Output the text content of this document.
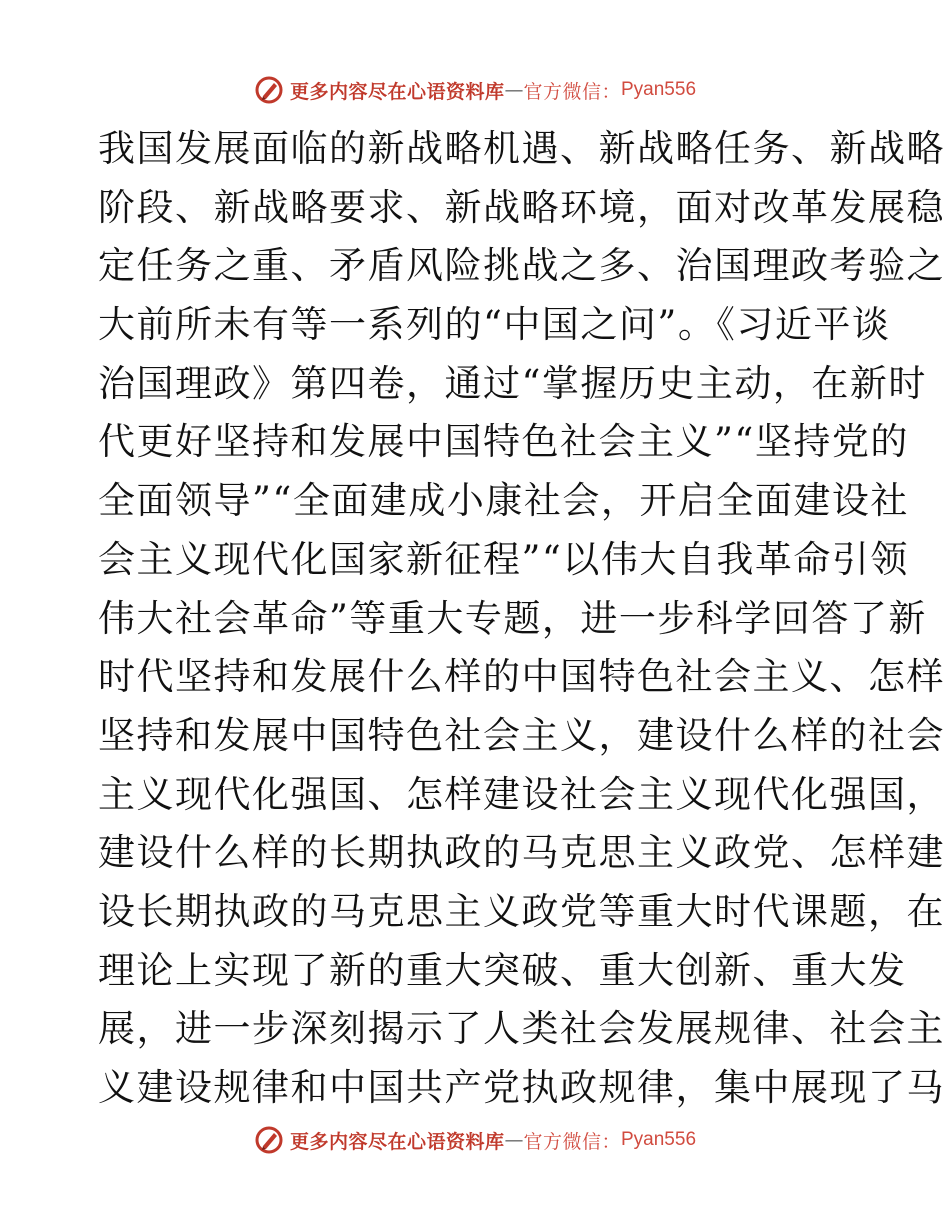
更多内容尽在心语资料库 — 官方微信： Pyan556
我国发展面临的新战略机遇、新战略任务、新战略
阶段、新战略要求、新战略环境，面对改革发展稳
定任务之重、矛盾风险挑战之多、治国理政考验之
大前所未有等一系列的“中国之问”。《习近平谈
治国理政》第四卷，通过“掌握历史主动，在新时
代更好坚持和发展中国特色社会主义”“坚持党的
全面领导”“全面建成小康社会，开启全面建设社
会主义现代化国家新征程”“以伟大自我革命引领
伟大社会革命”等重大专题，进一步科学回答了新
时代坚持和发展什么样的中国特色社会主义、怎样
坚持和发展中国特色社会主义，建设什么样的社会
主义现代化强国、怎样建设社会主义现代化强国，
建设什么样的长期执政的马克思主义政党、怎样建
设长期执政的马克思主义政党等重大时代课题，在
理论上实现了新的重大突破、重大创新、重大发
展，进一步深刻揭示了人类社会发展规律、社会主
义建设规律和中国共产党执政规律，集中展现了马
更多内容尽在心语资料库 — 官方微信： Pyan556
